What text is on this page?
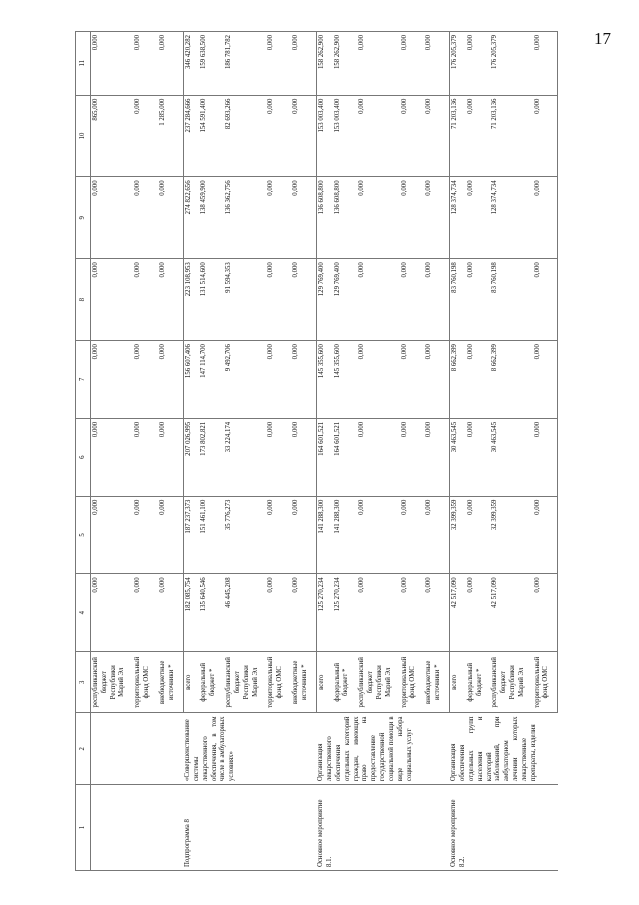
17
1	2	3	4	5	6	7	8	9	10	11
		республиканский бюджет Республики Марий Эл	0,000	0,000	0,000	0,000	0,000	0,000	865,000	0,000
		территориальный фонд ОМС	0,000	0,000	0,000	0,000	0,000	0,000	0,000	0,000
		внебюджетные источники *	0,000	0,000	0,000	0,000	0,000	0,000	1 285,000	0,000
Подпрограмма 8	«Совершенствование системы лекарственного обеспечения, в том числе в амбулаторных условиях»	всего	182 085,754	187 237,373	207 026,995	156 607,406	223 108,953	274 822,656	237 284,666	346 420,282
		федеральный бюджет *	135 640,546	151 461,100	173 802,821	147 114,700	131 514,600	138 459,900	154 591,400	159 638,500
		республиканский бюджет Республики Марий Эл	46 445,208	35 776,273	33 224,174	9 492,706	91 594,353	136 362,756	82 693,266	186 781,782
		территориальный фонд ОМС	0,000	0,000	0,000	0,000	0,000	0,000	0,000	0,000
		внебюджетные источники *	0,000	0,000	0,000	0,000	0,000	0,000	0,000	0,000
Основное мероприятие 8.1.	Организация лекарственного обеспечения отдельных категорий граждан, имеющих право на предоставление государственной социальной помощи в виде набора социальных услуг	всего	125 270,234	141 288,300	164 601,521	145 355,600	129 769,400	136 608,800	153 003,400	158 262,900
		федеральный бюджет *	125 270,234	141 288,300	164 601,521	145 355,600	129 769,400	136 608,800	153 003,400	158 262,900
		республиканский бюджет Республики Марий Эл	0,000	0,000	0,000	0,000	0,000	0,000	0,000	0,000
		территориальный фонд ОМС	0,000	0,000	0,000	0,000	0,000	0,000	0,000	0,000
		внебюджетные источники *	0,000	0,000	0,000	0,000	0,000	0,000	0,000	0,000
Основное мероприятие 8.2.	Организация обеспечения отдельных групп населения и категорий заболеваний, при амбулаторном лечении которых лекарственные препараты, изделия	всего	42 517,090	32 399,359	30 463,545	8 662,399	83 760,198	128 374,734	71 203,136	176 205,379
		федеральный бюджет *	0,000	0,000	0,000	0,000	0,000	0,000	0,000	0,000
		республиканский бюджет Республики Марий Эл	42 517,090	32 399,359	30 463,545	8 662,399	83 760,198	128 374,734	71 203,136	176 205,379
		территориальный фонд ОМС	0,000	0,000	0,000	0,000	0,000	0,000	0,000	0,000
